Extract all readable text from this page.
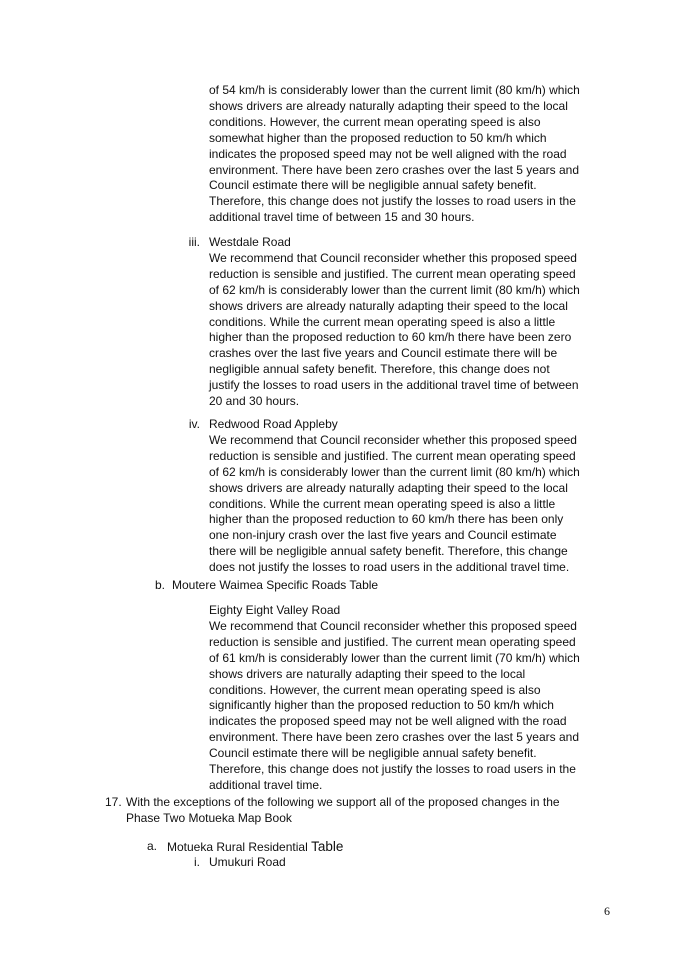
of 54 km/h is considerably lower than the current limit (80 km/h) which
shows drivers are already naturally adapting their speed to the local
conditions. However, the current mean operating speed is also
somewhat higher than the proposed reduction to 50 km/h which
indicates the proposed speed may not be well aligned with the road
environment. There have been zero crashes over the last 5 years and
Council estimate there will be negligible annual safety benefit.
Therefore, this change does not justify the losses to road users in the
additional travel time of between 15 and 30 hours.
iii. Westdale Road
We recommend that Council reconsider whether this proposed speed
reduction is sensible and justified. The current mean operating speed
of 62 km/h is considerably lower than the current limit (80 km/h) which
shows drivers are already naturally adapting their speed to the local
conditions. While the current mean operating speed is also a little
higher than the proposed reduction to 60 km/h there have been zero
crashes over the last five years and Council estimate there will be
negligible annual safety benefit. Therefore, this change does not
justify the losses to road users in the additional travel time of between
20 and 30 hours.
iv. Redwood Road Appleby
We recommend that Council reconsider whether this proposed speed
reduction is sensible and justified. The current mean operating speed
of 62 km/h is considerably lower than the current limit (80 km/h) which
shows drivers are already naturally adapting their speed to the local
conditions. While the current mean operating speed is also a little
higher than the proposed reduction to 60 km/h there has been only
one non-injury crash over the last five years and Council estimate
there will be negligible annual safety benefit. Therefore, this change
does not justify the losses to road users in the additional travel time.
b. Moutere Waimea Specific Roads Table
Eighty Eight Valley Road
We recommend that Council reconsider whether this proposed speed
reduction is sensible and justified. The current mean operating speed
of 61 km/h is considerably lower than the current limit (70 km/h) which
shows drivers are naturally adapting their speed to the local
conditions. However, the current mean operating speed is also
significantly higher than the proposed reduction to 50 km/h which
indicates the proposed speed may not be well aligned with the road
environment. There have been zero crashes over the last 5 years and
Council estimate there will be negligible annual safety benefit.
Therefore, this change does not justify the losses to road users in the
additional travel time.
17. With the exceptions of the following we support all of the proposed changes in the
Phase Two Motueka Map Book
a. Motueka Rural Residential Table
i. Umukuri Road
6
